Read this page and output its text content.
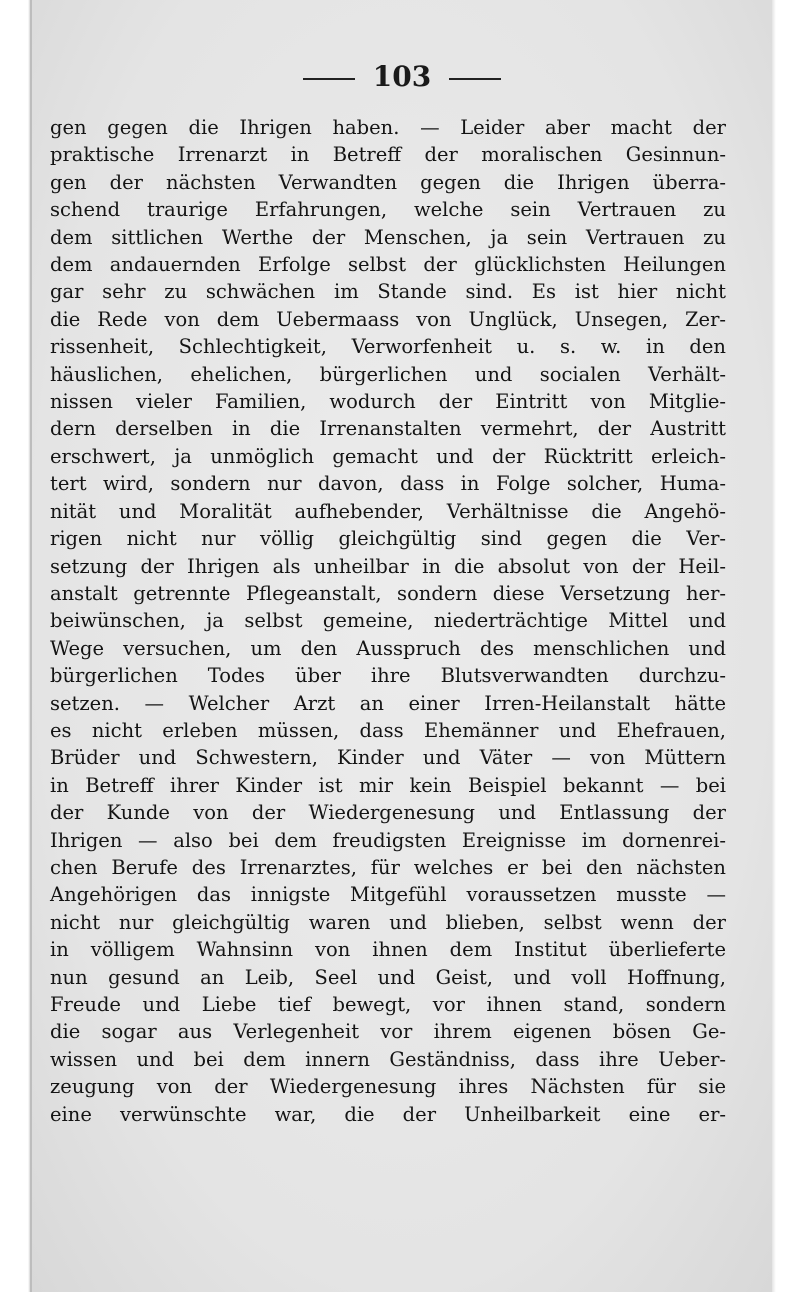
103
gen gegen die Ihrigen haben. — Leider aber macht der
praktische Irrenarzt in Betreff der moralischen Gesinnun-
gen der nächsten Verwandten gegen die Ihrigen überra-
schend traurige Erfahrungen, welche sein Vertrauen zu
dem sittlichen Werthe der Menschen, ja sein Vertrauen zu
dem andauernden Erfolge selbst der glücklichsten Heilungen
gar sehr zu schwächen im Stande sind. Es ist hier nicht
die Rede von dem Uebermaass von Unglück, Unsegen, Zer-
rissenheit, Schlechtigkeit, Verworfenheit u. s. w. in den
häuslichen, ehelichen, bürgerlichen und socialen Verhält-
nissen vieler Familien, wodurch der Eintritt von Mitglie-
dern derselben in die Irrenanstalten vermehrt, der Austritt
erschwert, ja unmöglich gemacht und der Rücktritt erleich-
tert wird, sondern nur davon, dass in Folge solcher, Huma-
nität und Moralität aufhebender, Verhältnisse die Angehö-
rigen nicht nur völlig gleichgültig sind gegen die Ver-
setzung der Ihrigen als unheilbar in die absolut von der Heil-
anstalt getrennte Pflegeanstalt, sondern diese Versetzung her-
beiwünschen, ja selbst gemeine, niederträchtige Mittel und
Wege versuchen, um den Ausspruch des menschlichen und
bürgerlichen Todes über ihre Blutsverwandten durchzu-
setzen. — Welcher Arzt an einer Irren-Heilanstalt hätte
es nicht erleben müssen, dass Ehemänner und Ehefrauen,
Brüder und Schwestern, Kinder und Väter — von Müttern
in Betreff ihrer Kinder ist mir kein Beispiel bekannt — bei
der Kunde von der Wiedergenesung und Entlassung der
Ihrigen — also bei dem freudigsten Ereignisse im dornenrei-
chen Berufe des Irrenarztes, für welches er bei den nächsten
Angehörigen das innigste Mitgefühl voraussetzen musste —
nicht nur gleichgültig waren und blieben, selbst wenn der
in völligem Wahnsinn von ihnen dem Institut überlieferte
nun gesund an Leib, Seel und Geist, und voll Hoffnung,
Freude und Liebe tief bewegt, vor ihnen stand, sondern
die sogar aus Verlegenheit vor ihrem eigenen bösen Ge-
wissen und bei dem innern Geständniss, dass ihre Ueber-
zeugung von der Wiedergenesung ihres Nächsten für sie
eine verwünschte war, die der Unheilbarkeit eine er-
